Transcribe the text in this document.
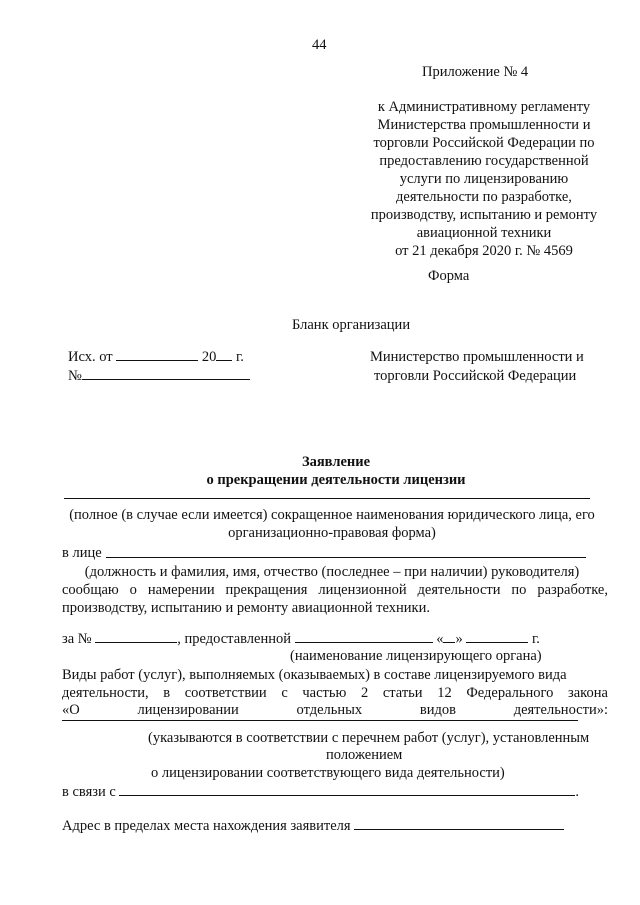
44
Приложение № 4
к Административному регламенту
Министерства промышленности и
торговли Российской Федерации по
предоставлению государственной
услуги по лицензированию
деятельности по разработке,
производству, испытанию и ремонту
авиационной техники
от 21 декабря 2020 г. № 4569
Форма
Бланк организации
Исх. от	20 г.
№
Министерство промышленности и
торговли Российской Федерации
Заявление
о прекращении деятельности лицензии
(полное (в случае если имеется) сокращенное наименования юридического лица, его
организационно-правовая форма)
в лице
(должность и фамилия, имя, отчество (последнее – при наличии) руководителя)
сообщаю о намерении прекращения лицензионной деятельности по разработке,
производству, испытанию и ремонту авиационной техники.
за №	, предоставленной	« »	г.
(наименование лицензирующего органа)
Виды работ (услуг), выполняемых (оказываемых) в составе лицензируемого вида
деятельности, в соответствии с частью 2 статьи 12 Федерального закона
«О	лицензировании	отдельных	видов	деятельности»:
(указываются в соответствии с перечнем работ (услуг), установленным
положением
о лицензировании соответствующего вида деятельности)
в связи с	.
Адрес в пределах места нахождения заявителя
